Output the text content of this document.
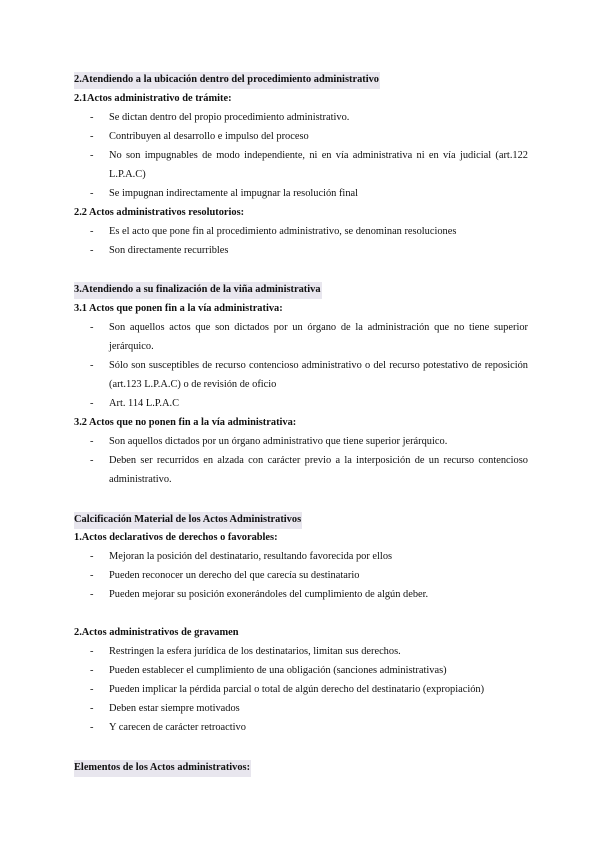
2.Atendiendo a la ubicación dentro del procedimiento administrativo
2.1Actos administrativo de trámite:
- Se dictan dentro del propio procedimiento administrativo.
- Contribuyen al desarrollo e impulso del proceso
- No son impugnables de modo independiente, ni en vía administrativa ni en vía judicial (art.122 L.P.A.C)
- Se impugnan indirectamente al impugnar la resolución final
2.2 Actos administrativos resolutorios:
- Es el acto que pone fin al procedimiento administrativo, se denominan resoluciones
- Son directamente recurribles
3.Atendiendo a su finalización de la viña administrativa
3.1 Actos que ponen fin a la vía administrativa:
- Son aquellos actos que son dictados por un órgano de la administración que no tiene superior jerárquico.
- Sólo son susceptibles de recurso contencioso administrativo o del recurso potestativo de reposición (art.123 L.P.A.C) o de revisión de oficio
- Art. 114 L.P.A.C
3.2 Actos que no ponen fin a la vía administrativa:
- Son aquellos dictados por un órgano administrativo que tiene superior jerárquico.
- Deben ser recurridos en alzada con carácter previo a la interposición de un recurso contencioso administrativo.
Calcificación Material de los Actos Administrativos
1.Actos declarativos de derechos o favorables:
- Mejoran la posición del destinatario, resultando favorecida por ellos
- Pueden reconocer un derecho del que carecía su destinatario
- Pueden mejorar su posición exonerándoles del cumplimiento de algún deber.
2.Actos administrativos de gravamen
- Restringen la esfera jurídica de los destinatarios, limitan sus derechos.
- Pueden establecer el cumplimiento de una obligación (sanciones administrativas)
- Pueden implicar la pérdida parcial o total de algún derecho del destinatario (expropiación)
- Deben estar siempre motivados
- Y carecen de carácter retroactivo
Elementos de los Actos administrativos:
